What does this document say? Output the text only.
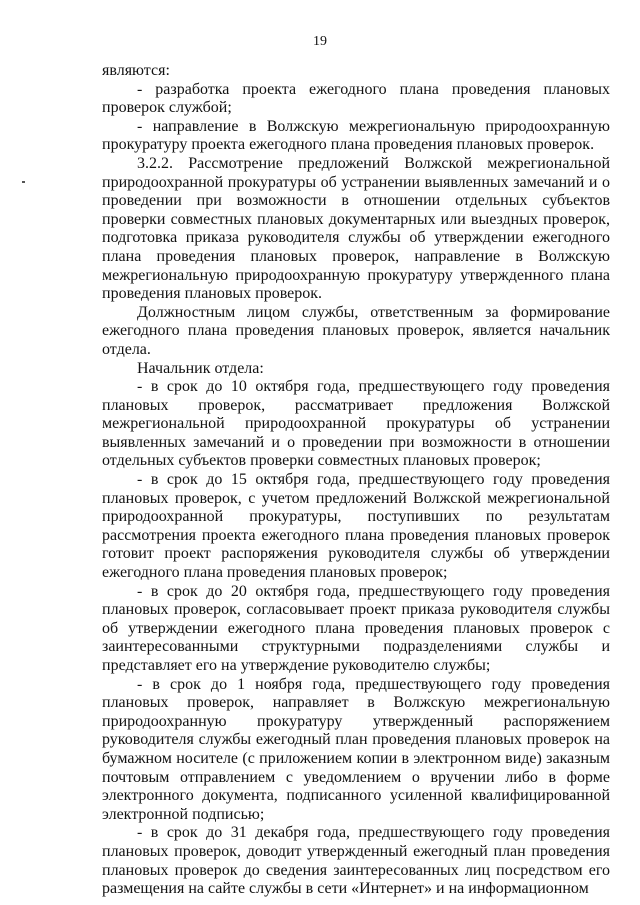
19

являются:

- разработка проекта ежегодного плана проведения плановых проверок службой;

- направление в Волжскую межрегиональную природоохранную прокуратуру проекта ежегодного плана проведения плановых проверок.

3.2.2. Рассмотрение предложений Волжской межрегиональной природоохранной прокуратуры об устранении выявленных замечаний и о проведении при возможности в отношении отдельных субъектов проверки совместных плановых документарных или выездных проверок, подготовка приказа руководителя службы об утверждении ежегодного плана проведения плановых проверок, направление в Волжскую межрегиональную природоохранную прокуратуру утвержденного плана проведения плановых проверок.

Должностным лицом службы, ответственным за формирование ежегодного плана проведения плановых проверок, является начальник отдела.

Начальник отдела:

- в срок до 10 октября года, предшествующего году проведения плановых проверок, рассматривает предложения Волжской межрегиональной природоохранной прокуратуры об устранении выявленных замечаний и о проведении при возможности в отношении отдельных субъектов проверки совместных плановых проверок;

- в срок до 15 октября года, предшествующего году проведения плановых проверок, с учетом предложений Волжской межрегиональной природоохранной прокуратуры, поступивших по результатам рассмотрения проекта ежегодного плана проведения плановых проверок готовит проект распоряжения руководителя службы об утверждении ежегодного плана проведения плановых проверок;

- в срок до 20 октября года, предшествующего году проведения плановых проверок, согласовывает проект приказа руководителя службы об утверждении ежегодного плана проведения плановых проверок с заинтересованными структурными подразделениями службы и представляет его на утверждение руководителю службы;

- в срок до 1 ноября года, предшествующего году проведения плановых проверок, направляет в Волжскую межрегиональную природоохранную прокуратуру утвержденный распоряжением руководителя службы ежегодный план проведения плановых проверок на бумажном носителе (с приложением копии в электронном виде) заказным почтовым отправлением с уведомлением о вручении либо в форме электронного документа, подписанного усиленной квалифицированной электронной подписью;

- в срок до 31 декабря года, предшествующего году проведения плановых проверок, доводит утвержденный ежегодный план проведения плановых проверок до сведения заинтересованных лиц посредством его размещения на сайте службы в сети «Интернет» и на информационном
